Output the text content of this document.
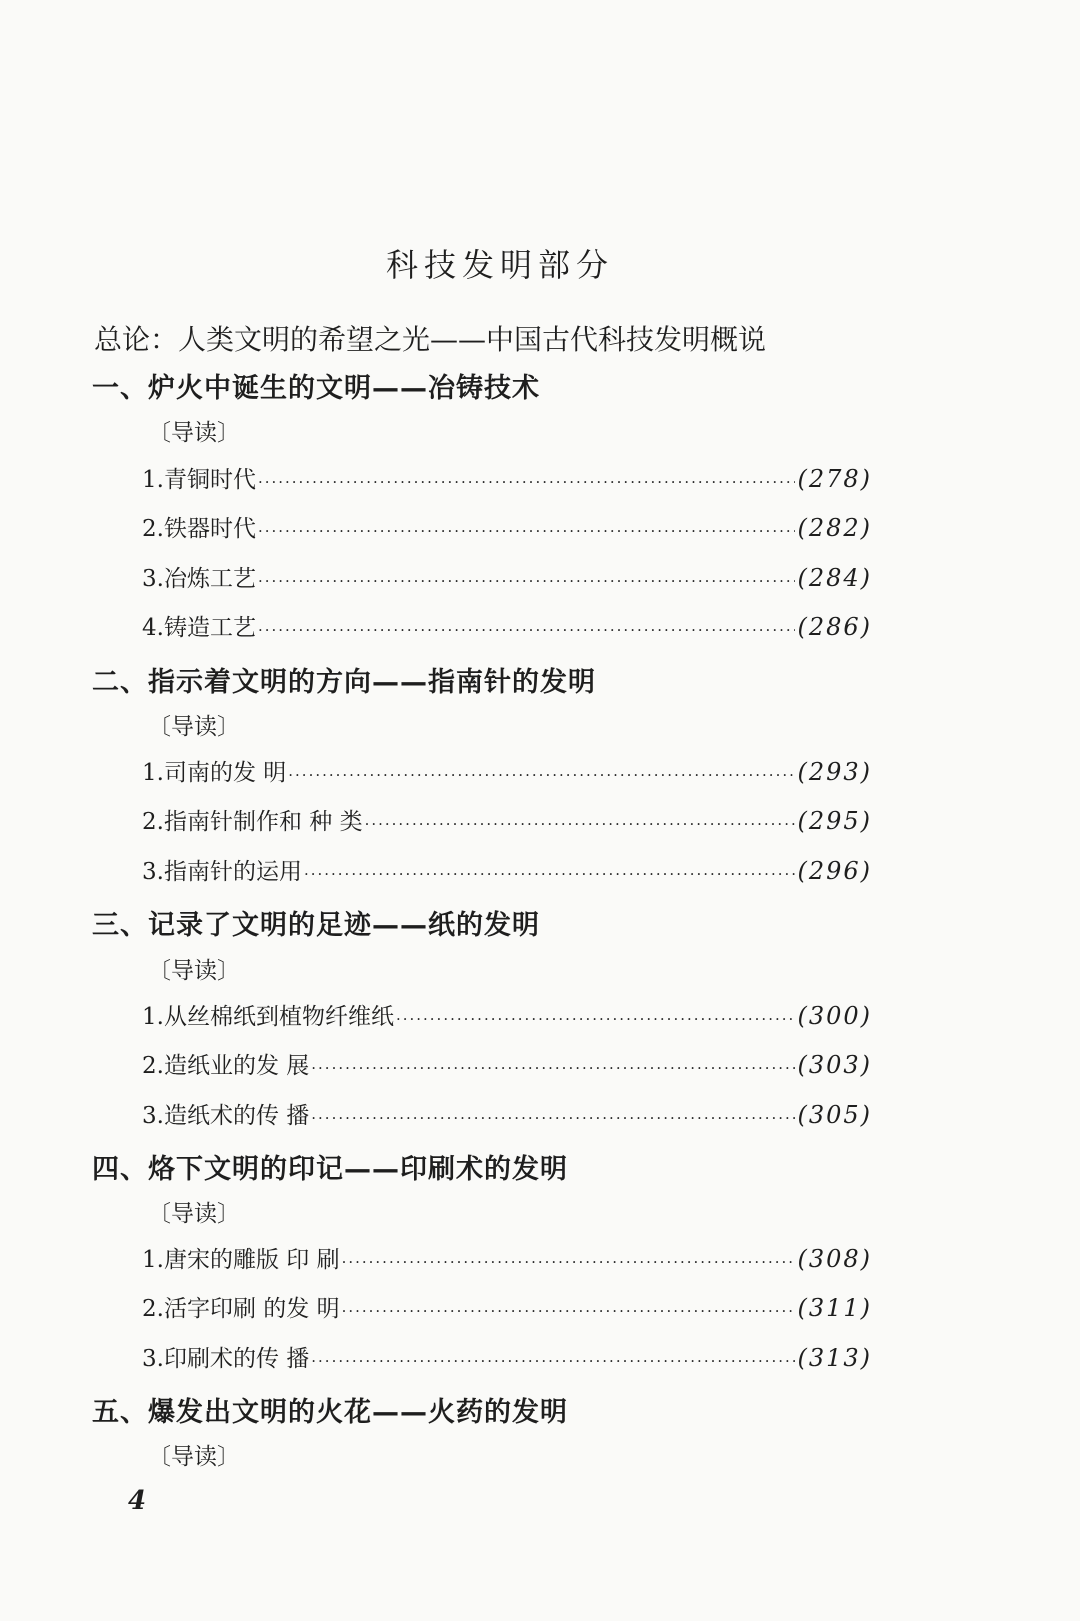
科技发明部分
总论：人类文明的希望之光——中国古代科技发明概说
一、炉火中诞生的文明——冶铸技术
〔导读〕
1.青铜时代 ·····	(278)
2.铁器时代 ·····	(282)
3.冶炼工艺 ·····	(284)
4.铸造工艺 ·····	(286)
二、指示着文明的方向——指南针的发明
〔导读〕
1.司南的发 明 ·····	(293)
2.指南针制作和 种 类 ·····	(295)
3.指南针的运用 ·····	(296)
三、记录了文明的足迹——纸的发明
〔导读〕
1.从丝棉纸到植物纤维纸 ·····	(300)
2.造纸业的发 展 ·····	(303)
3.造纸术的传 播 ·····	(305)
四、烙下文明的印记——印刷术的发明
〔导读〕
1.唐宋的雕版 印 刷 ·····	(308)
2.活字印刷 的发 明 ·····	(311)
3.印刷术的传 播 ·····	(313)
五、爆发出文明的火花——火药的发明
〔导读〕
4
